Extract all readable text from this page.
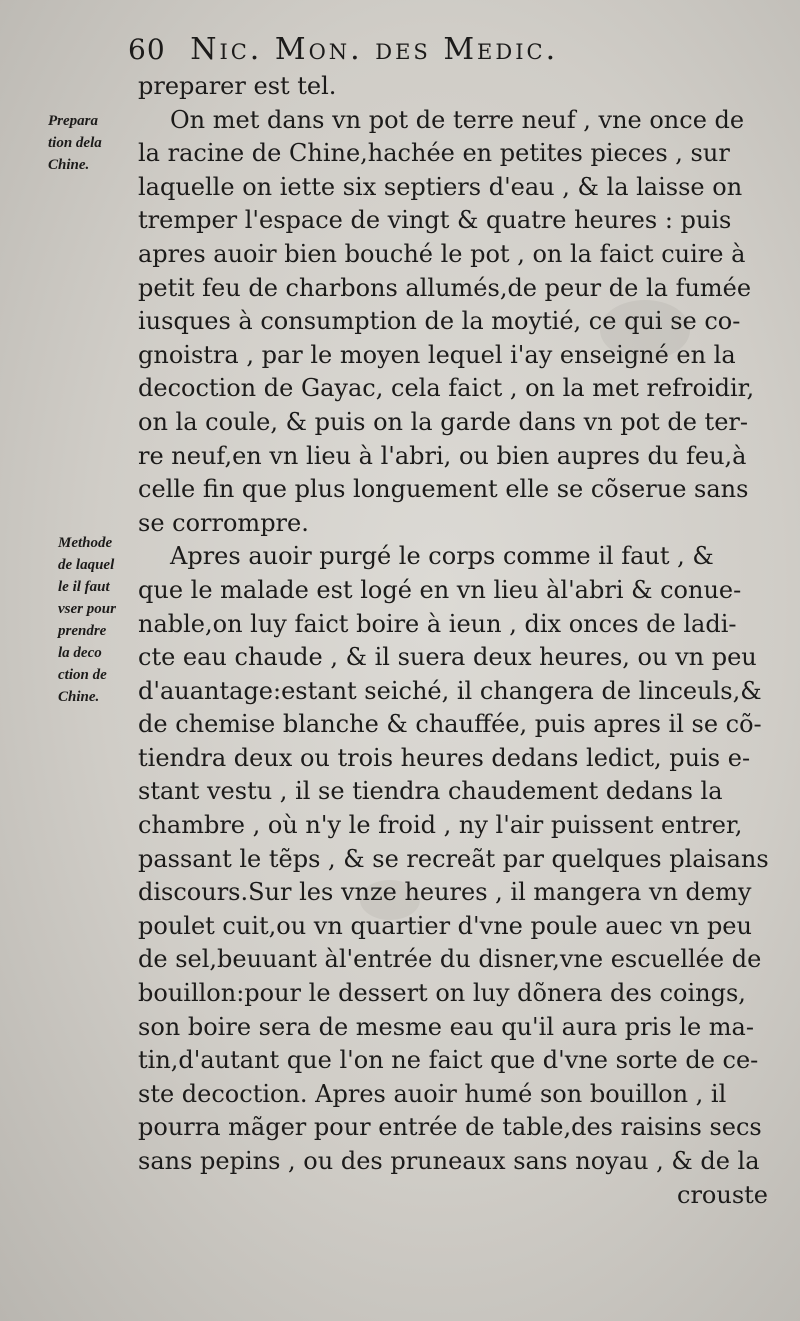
60 Nic. Mon. des Medic.
Prepara
tion dela
Chine.
Methode
de laquel
le il faut
vser pour
prendre
la deco
ction de
Chine.
preparer est tel.
On met dans vn pot de terre neuf , vne once de
la racine de Chine,hachée en petites pieces , sur
laquelle on iette six septiers d'eau , & la laisse on
tremper l'espace de vingt & quatre heures : puis
apres auoir bien bouché le pot , on la faict cuire à
petit feu de charbons allumés,de peur de la fumée
iusques à consumption de la moytié, ce qui se co-
gnoistra , par le moyen lequel i'ay enseigné en la
decoction de Gayac, cela faict , on la met refroidir,
on la coule, & puis on la garde dans vn pot de ter-
re neuf,en vn lieu à l'abri, ou bien aupres du feu,à
celle fin que plus longuement elle se cõserue sans
se corrompre.
Apres auoir purgé le corps comme il faut , &
que le malade est logé en vn lieu àl'abri & conue-
nable,on luy faict boire à ieun , dix onces de ladi-
cte eau chaude , & il suera deux heures, ou vn peu
d'auantage:estant seiché, il changera de linceuls,&
de chemise blanche & chauffée, puis apres il se cõ-
tiendra deux ou trois heures dedans ledict, puis e-
stant vestu , il se tiendra chaudement dedans la
chambre , où n'y le froid , ny l'air puissent entrer,
passant le tẽps , & se recreãt par quelques plaisans
discours.Sur les vnze heures , il mangera vn demy
poulet cuit,ou vn quartier d'vne poule auec vn peu
de sel,beuuant àl'entrée du disner,vne escuellée de
bouillon:pour le dessert on luy dõnera des coings,
son boire sera de mesme eau qu'il aura pris le ma-
tin,d'autant que l'on ne faict que d'vne sorte de ce-
ste decoction. Apres auoir humé son bouillon , il
pourra mãger pour entrée de table,des raisins secs
sans pepins , ou des pruneaux sans noyau , & de la
crouste
